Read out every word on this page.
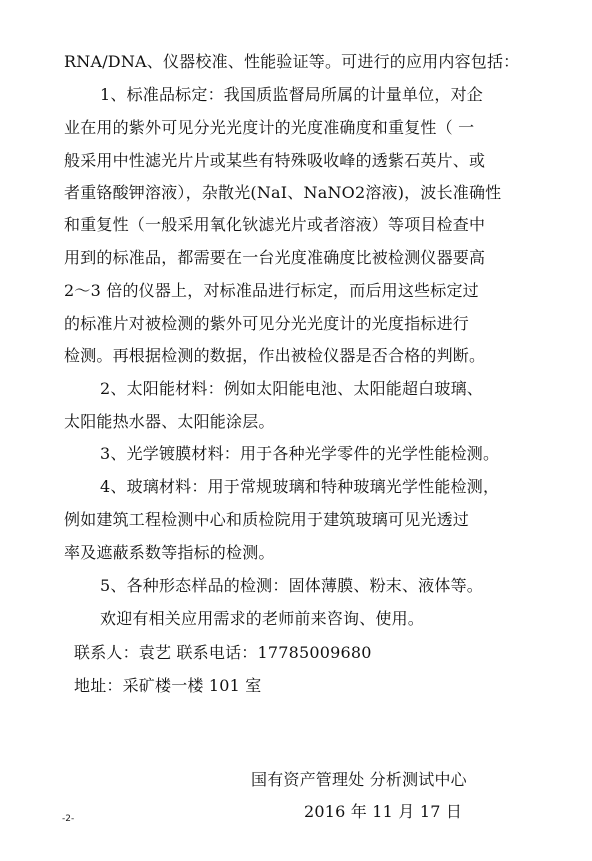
RNA/DNA、仪器校准、性能验证等。可进行的应用内容包括：
1、标准品标定：我国质监督局所属的计量单位，对企
业在用的紫外可见分光光度计的光度准确度和重复性（ 一
般采用中性滤光片片或某些有特殊吸收峰的透紫石英片、或
者重铬酸钾溶液），杂散光(NaI、NaNO2溶液)，波长准确性
和重复性（一般采用氧化钬滤光片或者溶液）等项目检查中
用到的标准品，都需要在一台光度准确度比被检测仪器要高
2～3 倍的仪器上，对标准品进行标定，而后用这些标定过
的标准片对被检测的紫外可见分光光度计的光度指标进行
检测。再根据检测的数据，作出被检仪器是否合格的判断。
2、太阳能材料：例如太阳能电池、太阳能超白玻璃、
太阳能热水器、太阳能涂层。
3、光学镀膜材料：用于各种光学零件的光学性能检测。
4、玻璃材料：用于常规玻璃和特种玻璃光学性能检测，
例如建筑工程检测中心和质检院用于建筑玻璃可见光透过
率及遮蔽系数等指标的检测。
5、各种形态样品的检测：固体薄膜、粉末、液体等。
欢迎有相关应用需求的老师前来咨询、使用。
联系人：袁艺 联系电话：17785009680
地址：采矿楼一楼 101 室
国有资产管理处 分析测试中心
2016 年 11 月 17 日
-2-
